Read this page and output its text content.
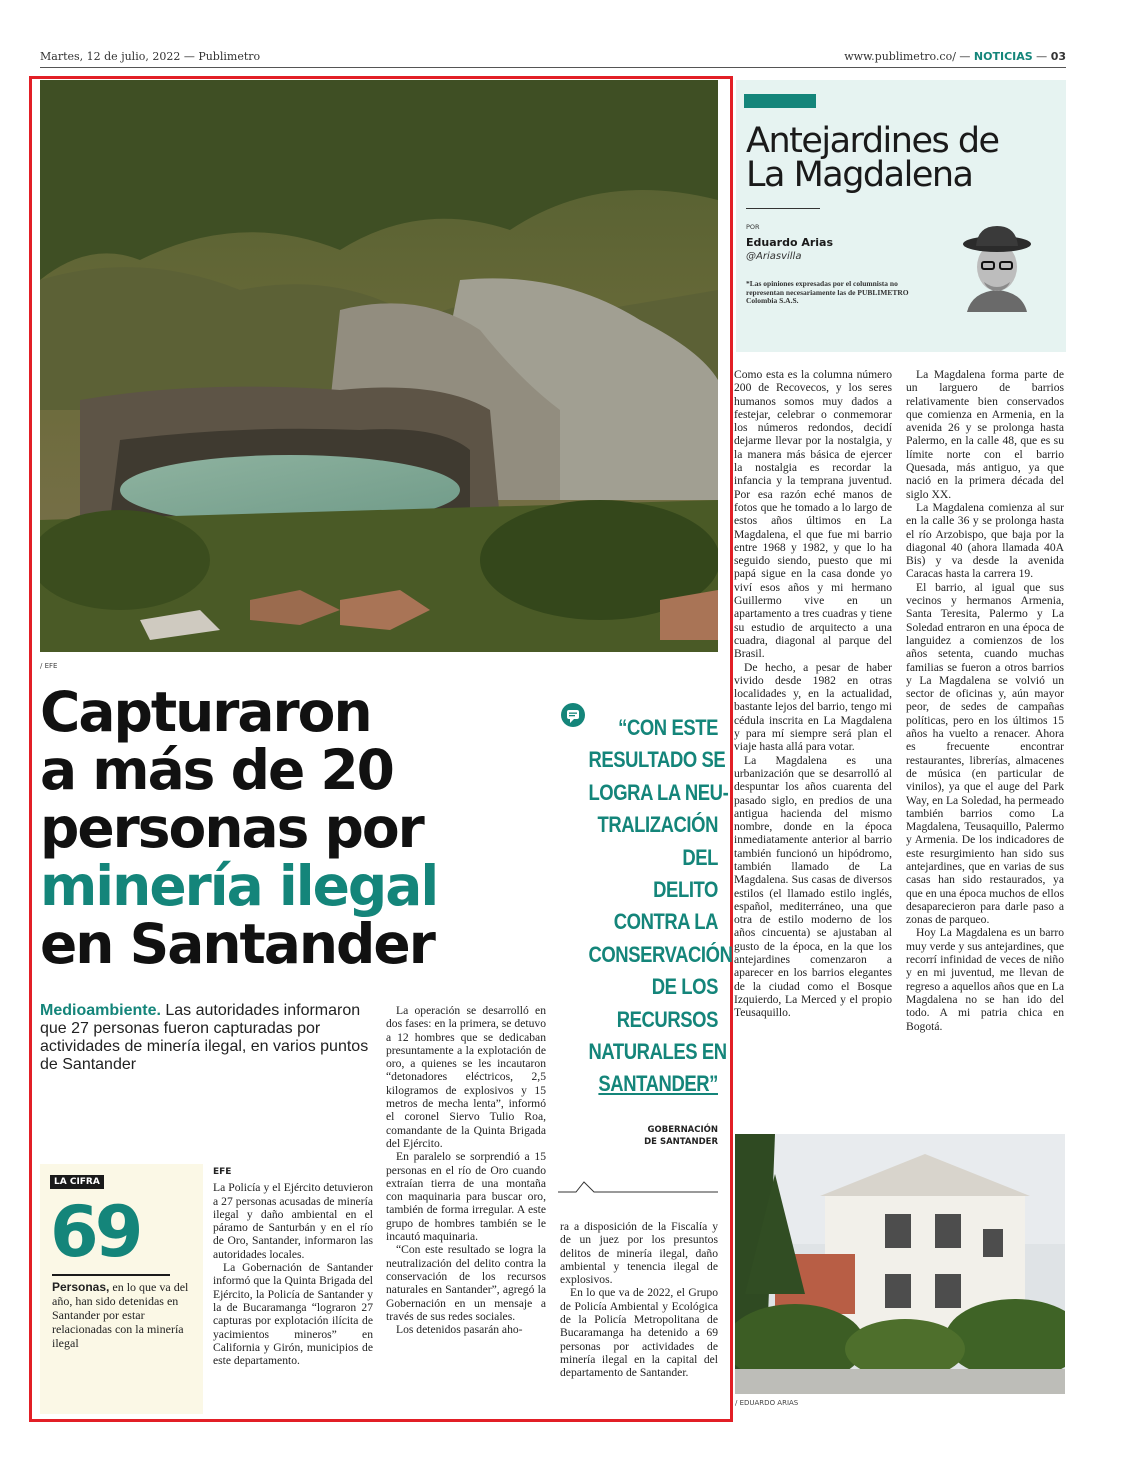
Martes, 12 de julio, 2022 — Publimetro	www.publimetro.co/ — NOTICIAS — 03
/ EFE
Capturaron
a más de 20
personas por
minería ilegal
en Santander
Medioambiente. Las autoridades informaron que 27 personas fueron capturadas por actividades de minería ilegal, en varios puntos de Santander
EFE

La Policía y el Ejército detuvieron a 27 personas acusadas de minería ilegal y daño ambiental en el páramo de Santurbán y en el río de Oro, Santander, informaron las autoridades locales.

La Gobernación de Santander informó que la Quinta Brigada del Ejército, la Policía de Santander y la de Bucaramanga “lograron 27 capturas por explotación ilícita de yacimientos mineros” en California y Girón, municipios de este departamento.

La operación se desarrolló en dos fases: en la primera, se detuvo a 12 hombres que se dedicaban presuntamente a la explotación de oro, a quienes se les incautaron “detonadores eléctricos, 2,5 kilogramos de explosivos y 15 metros de mecha lenta”, informó el coronel Siervo Tulio Roa, comandante de la Quinta Brigada del Ejército.

En paralelo se sorprendió a 15 personas en el río de Oro cuando extraían tierra de una montaña con maquinaria para buscar oro, también de forma irregular. A este grupo de hombres también se le incautó maquinaria.

“Con este resultado se logra la neutralización del delito contra la conservación de los recursos naturales en Santander”, agregó la Gobernación en un mensaje a través de sus redes sociales.

Los detenidos pasarán aho-

ra a disposición de la Fiscalía y de un juez por los presuntos delitos de minería ilegal, daño ambiental y tenencia ilegal de explosivos.

En lo que va de 2022, el Grupo de Policía Ambiental y Ecológica de la Policía Metropolitana de Bucaramanga ha detenido a 69 personas por actividades de minería ilegal en la capital del departamento de Santander.

LA CIFRA
69
Personas, en lo que va del año, han sido detenidas en Santander por estar relacionadas con la minería ilegal
“CON ESTE
RESULTADO SE
LOGRA LA NEU-
TRALIZACIÓN
DEL
DELITO
CONTRA LA
CONSERVACIÓN
DE LOS
RECURSOS
NATURALES EN
SANTANDER”
GOBERNACIÓN
DE SANTANDER
Antejardines de
La Magdalena
POR
Eduardo Arias
@Ariasvilla
*Las opiniones expresadas por el columnista no representan necesariamente las de PUBLIMETRO Colombia S.A.S.

Como esta es la columna número 200 de Recovecos, y los seres humanos somos muy dados a festejar, celebrar o conmemorar los números redondos, decidí dejarme llevar por la nostalgia, y la manera más básica de ejercer la nostalgia es recordar la infancia y la temprana juventud. Por esa razón eché manos de fotos que he tomado a lo largo de estos años últimos en La Magdalena, el que fue mi barrio entre 1968 y 1982, y que lo ha seguido siendo, puesto que mi papá sigue en la casa donde yo viví esos años y mi hermano Guillermo vive en un apartamento a tres cuadras y tiene su estudio de arquitecto a una cuadra, diagonal al parque del Brasil.

De hecho, a pesar de haber vivido desde 1982 en otras localidades y, en la actualidad, bastante lejos del barrio, tengo mi cédula inscrita en La Magdalena y para mí siempre será plan el viaje hasta allá para votar.

La Magdalena es una urbanización que se desarrolló al despuntar los años cuarenta del pasado siglo, en predios de una antigua hacienda del mismo nombre, donde en la época inmediatamente anterior al barrio también funcionó un hipódromo, también llamado de La Magdalena. Sus casas de diversos estilos (el llamado estilo inglés, español, mediterráneo, una que otra de estilo moderno de los años cincuenta) se ajustaban al gusto de la época, en la que los antejardines comenzaron a aparecer en los barrios elegantes de la ciudad como el Bosque Izquierdo, La Merced y el propio Teusaquillo.

La Magdalena forma parte de un larguero de barrios relativamente bien conservados que comienza en Armenia, en la avenida 26 y se prolonga hasta Palermo, en la calle 48, que es su límite norte con el barrio Quesada, más antiguo, ya que nació en la primera década del siglo XX.

La Magdalena comienza al sur en la calle 36 y se prolonga hasta el río Arzobispo, que baja por la diagonal 40 (ahora llamada 40A Bis) y va desde la avenida Caracas hasta la carrera 19.

El barrio, al igual que sus vecinos y hermanos Armenia, Santa Teresita, Palermo y La Soledad entraron en una época de languidez a comienzos de los años setenta, cuando muchas familias se fueron a otros barrios y La Magdalena se volvió un sector de oficinas y, aún mayor peor, de sedes de campañas políticas, pero en los últimos 15 años ha vuelto a renacer. Ahora es frecuente encontrar restaurantes, librerías, almacenes de música (en particular de vinilos), ya que el auge del Park Way, en La Soledad, ha permeado también barrios como La Magdalena, Teusaquillo, Palermo y Armenia. De los indicadores de este resurgimiento han sido sus antejardines, que en varias de sus casas han sido restaurados, ya que en una época muchos de ellos desaparecieron para darle paso a zonas de parqueo.

Hoy La Magdalena es un barro muy verde y sus antejardines, que recorrí infinidad de veces de niño y en mi juventud, me llevan de regreso a aquellos años que en La Magdalena no se han ido del todo. A mi patria chica en Bogotá.

/ EDUARDO ARIAS
